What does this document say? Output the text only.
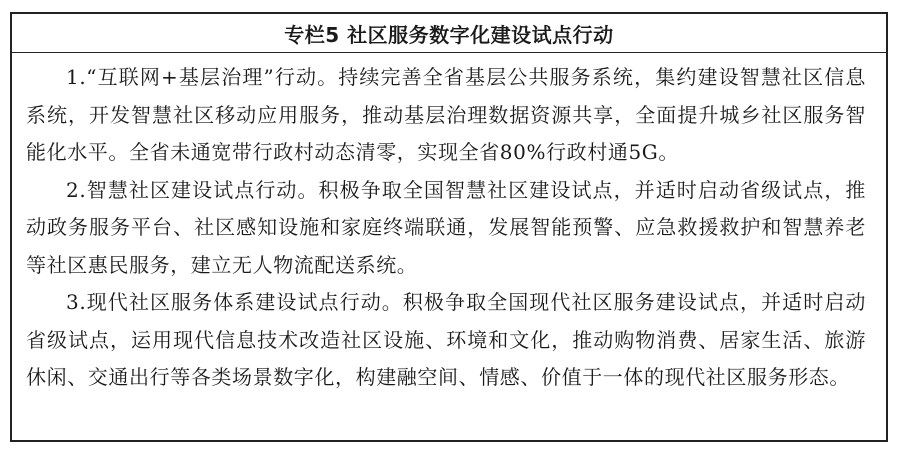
专栏5 社区服务数字化建设试点行动

1.“互联网+基层治理”行动。持续完善全省基层公共服务系统，集约建设智慧社区信息系统，开发智慧社区移动应用服务，推动基层治理数据资源共享，全面提升城乡社区服务智能化水平。全省未通宽带行政村动态清零，实现全省80%行政村通5G。

2.智慧社区建设试点行动。积极争取全国智慧社区建设试点，并适时启动省级试点，推动政务服务平台、社区感知设施和家庭终端联通，发展智能预警、应急救援救护和智慧养老等社区惠民服务，建立无人物流配送系统。

3.现代社区服务体系建设试点行动。积极争取全国现代社区服务建设试点，并适时启动省级试点，运用现代信息技术改造社区设施、环境和文化，推动购物消费、居家生活、旅游休闲、交通出行等各类场景数字化，构建融空间、情感、价值于一体的现代社区服务形态。
